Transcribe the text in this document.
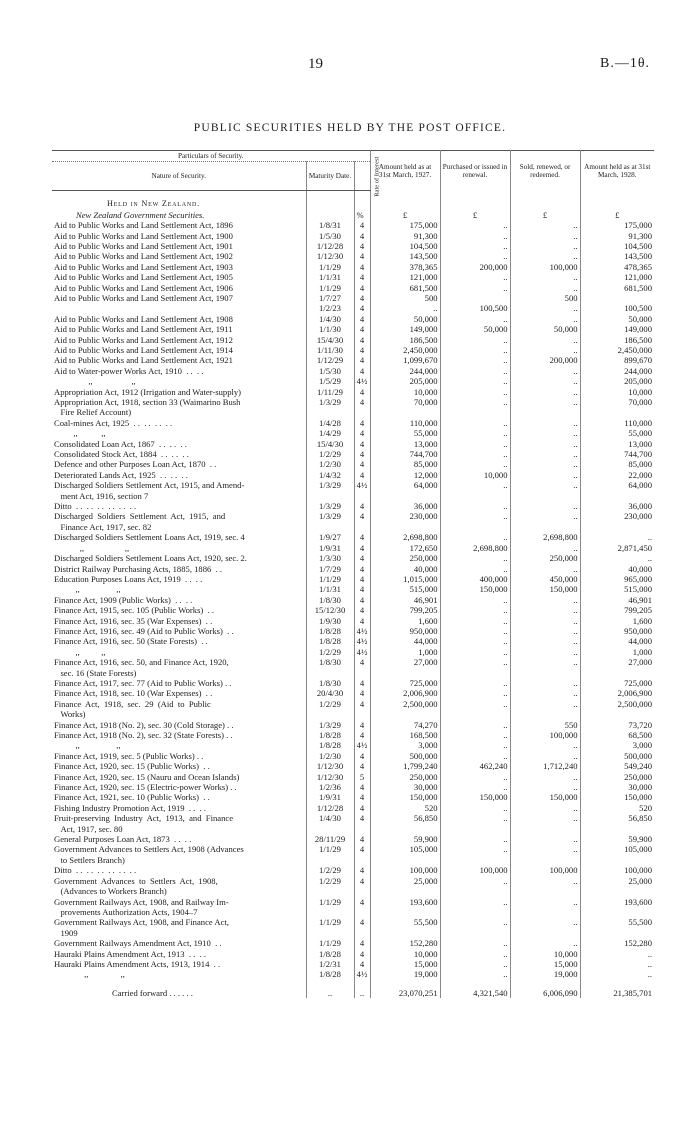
19	B.—1θ.
PUBLIC SECURITIES HELD BY THE POST OFFICE.
Particulars of Security.			Amount held as at 31st March, 1927.	Purchased or issued in renewal.	Sold, renewed, or redeemed.	Amount held as at 31st March, 1928.
Nature of Security.	Maturity Date.	Rate of Interest				

Held in New Zealand.						
New Zealand Government Securities.		%	£	£	£	£
Aid to Public Works and Land Settlement Act, 1896	1/8/31	4	175,000	..	..	175,000
Aid to Public Works and Land Settlement Act, 1900	1/5/30	4	91,300	..	..	91,300
Aid to Public Works and Land Settlement Act, 1901	1/12/28	4	104,500	..	..	104,500
Aid to Public Works and Land Settlement Act, 1902	1/12/30	4	143,500	..	..	143,500
Aid to Public Works and Land Settlement Act, 1903	1/1/29	4	378,365	200,000	100,000	478,365
Aid to Public Works and Land Settlement Act, 1905	1/1/31	4	121,000	..	..	121,000
Aid to Public Works and Land Settlement Act, 1906	1/1/29	4	681,500	..	..	681,500
Aid to Public Works and Land Settlement Act, 1907	1/7/27	4	500		500	
	1/2/23	4	..	100,500	..	100,500
Aid to Public Works and Land Settlement Act, 1908	1/4/30	4	50,000	..	..	50,000
Aid to Public Works and Land Settlement Act, 1911	1/1/30	4	149,000	50,000	50,000	149,000
Aid to Public Works and Land Settlement Act, 1912	15/4/30	4	186,500	..	..	186,500
Aid to Public Works and Land Settlement Act, 1914	1/11/30	4	2,450,000	..	..	2,450,000
Aid to Public Works and Land Settlement Act, 1921	1/12/29	4	1,099,670	..	200,000	899,670
Aid to Water-power Works Act, 1910  . .  . .	1/5/30	4	244,000	..	..	244,000
,,                  ,,	1/5/29	4½	205,000	..	..	205,000
Appropriation Act, 1912 (Irrigation and Water-supply)	1/11/29	4	10,000	..	..	10,000
Appropriation Act, 1918, section 33 (Waimarino Bush	1/3/29	4	70,000	..	..	70,000
Fire Relief Account)						
Coal-mines Act, 1925  . .  . .  . .  . .	1/4/28	4	110,000	..	..	110,000
,,           ,,	1/4/29	4	55,000	..	..	55,000
Consolidated Loan Act, 1867  . .  . .  . .	15/4/30	4	13,000	..	..	13,000
Consolidated Stock Act, 1884  . .  . .  . .	1/2/29	4	744,700	..	..	744,700
Defence and other Purposes Loan Act, 1870  . .	1/2/30	4	85,000	..	..	85,000
Deteriorated Lands Act, 1925  . .  . .  . .	1/4/32	4	12,000	10,000	..	22,000
Discharged Soldiers Settlement Act, 1915, and Amend-	1/3/29	4½	64,000	..	..	64,000
ment Act, 1916, section 7						
Ditto  . .  . .  . .  . .  . .  . .	1/3/29	4	36,000	..	..	36,000
Discharged  Soldiers  Settlement  Act,  1915,  and	1/3/29	4	230,000	..	..	230,000
Finance Act, 1917, sec. 82						
Discharged Soldiers Settlement Loans Act, 1919, sec. 4	1/9/27	4	2,698,800	..	2,698,800	..
,,                   ,,	1/9/31	4	172,650	2,698,800	..	2,871,450
Discharged Soldiers Settlement Loans Act, 1920, sec. 2.	1/3/30	4	250,000	..	250,000	..
District Railway Purchasing Acts, 1885, 1886  . .	1/7/29	4	40,000	..	..	40,000
Education Purposes Loans Act, 1919  . .  . .	1/1/29	4	1,015,000	400,000	450,000	965,000
,,                 ,,	1/1/31	4	515,000	150,000	150,000	515,000
Finance Act, 1909 (Public Works)  . .  . .	1/8/30	4	46,901	..	..	46,901
Finance Act, 1915, sec. 105 (Public Works)  . .	15/12/30	4	799,205	..	..	799,205
Finance Act, 1916, sec. 35 (War Expenses)  . .	1/9/30	4	1,600	..	..	1,600
Finance Act, 1916, sec. 49 (Aid to Public Works)  . .	1/8/28	4½	950,000	..	..	950,000
Finance Act, 1916, sec. 50 (State Forests)  . .	1/8/28	4½	44,000	..	..	44,000
,,          ,,	1/2/29	4½	1,000	..	..	1,000
Finance Act, 1916, sec. 50, and Finance Act, 1920,	1/8/30	4	27,000	..	..	27,000
sec. 16 (State Forests)						
Finance Act, 1917, sec. 77 (Aid to Public Works) . .	1/8/30	4	725,000	..	..	725,000
Finance Act, 1918, sec. 10 (War Expenses)  . .	20/4/30	4	2,006,900	..	..	2,006,900
Finance  Act,  1918,  sec.  29  (Aid  to  Public	1/2/29	4	2,500,000	..	..	2,500,000
Works)						
Finance Act, 1918 (No. 2), sec. 30 (Cold Storage) . .	1/3/29	4	74,270	..	550	73,720
Finance Act, 1918 (No. 2), sec. 32 (State Forests) . .	1/8/28	4	168,500	..	100,000	68,500
,,                 ,,	1/8/28	4½	3,000	..	..	3,000
Finance Act, 1919, sec. 5 (Public Works) . .	1/2/30	4	500,000	..	..	500,000
Finance Act, 1920, sec. 15 (Public Works)  . .	1/12/30	4	1,799,240	462,240	1,712,240	549,240
Finance Act, 1920, sec. 15 (Nauru and Ocean Islands)	1/12/30	5	250,000	..	..	250,000
Finance Act, 1920, sec. 15 (Electric-power Works) . .	1/2/36	4	30,000	..	..	30,000
Finance Act, 1921, sec. 10 (Public Works)  . .	1/9/31	4	150,000	150,000	150,000	150,000
Fishing Industry Promotion Act, 1919  . .  . .	1/12/28	4	520	..	..	520
Fruit-preserving  Industry  Act,  1913,  and  Finance	1/4/30	4	56,850	..	..	56,850
Act, 1917, sec. 80						
General Purposes Loan Act, 1873  . .  . .	28/11/29	4	59,900	..	..	59,900
Government Advances to Settlers Act, 1908 (Advances	1/1/29	4	105,000	..	..	105,000
to Settlers Branch)						
Ditto  . .  . .  . .  . .  . .  . .	1/2/29	4	100,000	100,000	100,000	100,000
Government  Advances  to  Settlers  Act,  1908,	1/2/29	4	25,000	..	..	25,000
(Advances to Workers Branch)						
Government Railways Act, 1908, and Railway Im-	1/1/29	4	193,600	..	..	193,600
provements Authorization Acts, 1904–7						
Government Railways Act, 1908, and Finance Act,	1/1/29	4	55,500	..	..	55,500
1909						
Government Railways Amendment Act, 1910  . .	1/1/29	4	152,280	..	..	152,280
Hauraki Plains Amendment Act, 1913  . .  . .	1/8/28	4	10,000	..	10,000	..
Hauraki Plains Amendment Acts, 1913, 1914  . .	1/2/31	4	15,000	..	15,000	..
,,               ,,	1/8/28	4½	19,000	..	19,000	..
Carried forward . . . . . .	..	..	23,070,251	4,321,540	6,006,090	21,385,701
